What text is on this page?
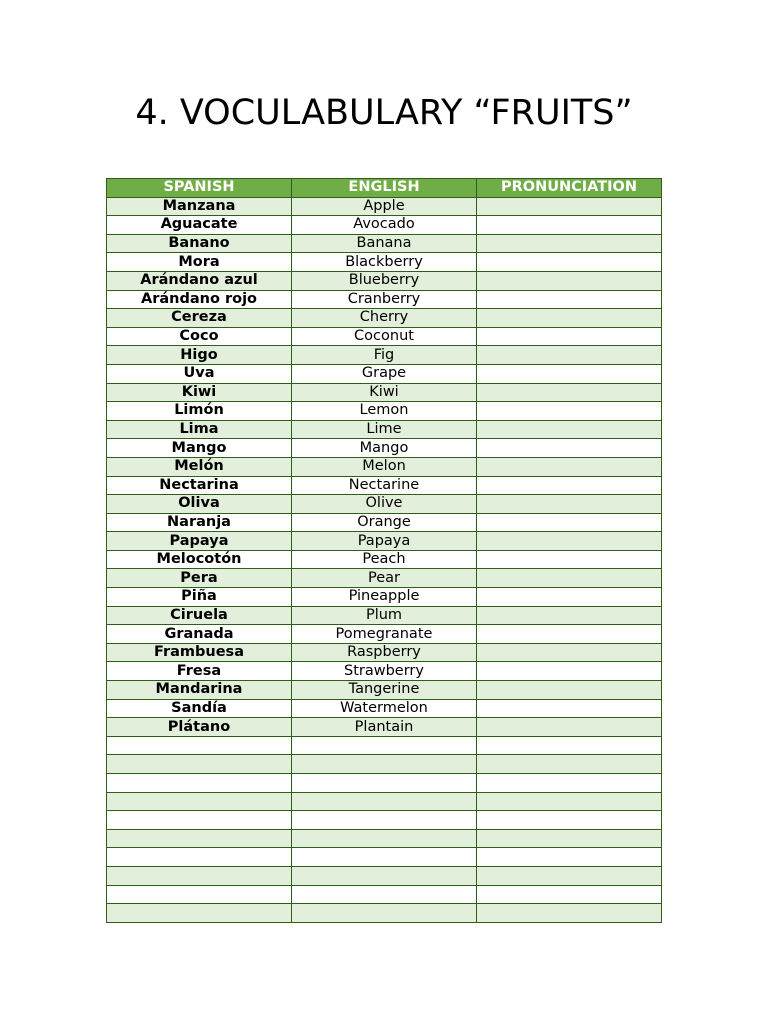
4. VOCULABULARY “FRUITS”
SPANISH	ENGLISH	PRONUNCIATION
Manzana	Apple	
Aguacate	Avocado	
Banano	Banana	
Mora	Blackberry	
Arándano azul	Blueberry	
Arándano rojo	Cranberry	
Cereza	Cherry	
Coco	Coconut	
Higo	Fig	
Uva	Grape	
Kiwi	Kiwi	
Limón	Lemon	
Lima	Lime	
Mango	Mango	
Melón	Melon	
Nectarina	Nectarine	
Oliva	Olive	
Naranja	Orange	
Papaya	Papaya	
Melocotón	Peach	
Pera	Pear	
Piña	Pineapple	
Ciruela	Plum	
Granada	Pomegranate	
Frambuesa	Raspberry	
Fresa	Strawberry	
Mandarina	Tangerine	
Sandía	Watermelon	
Plátano	Plantain	
